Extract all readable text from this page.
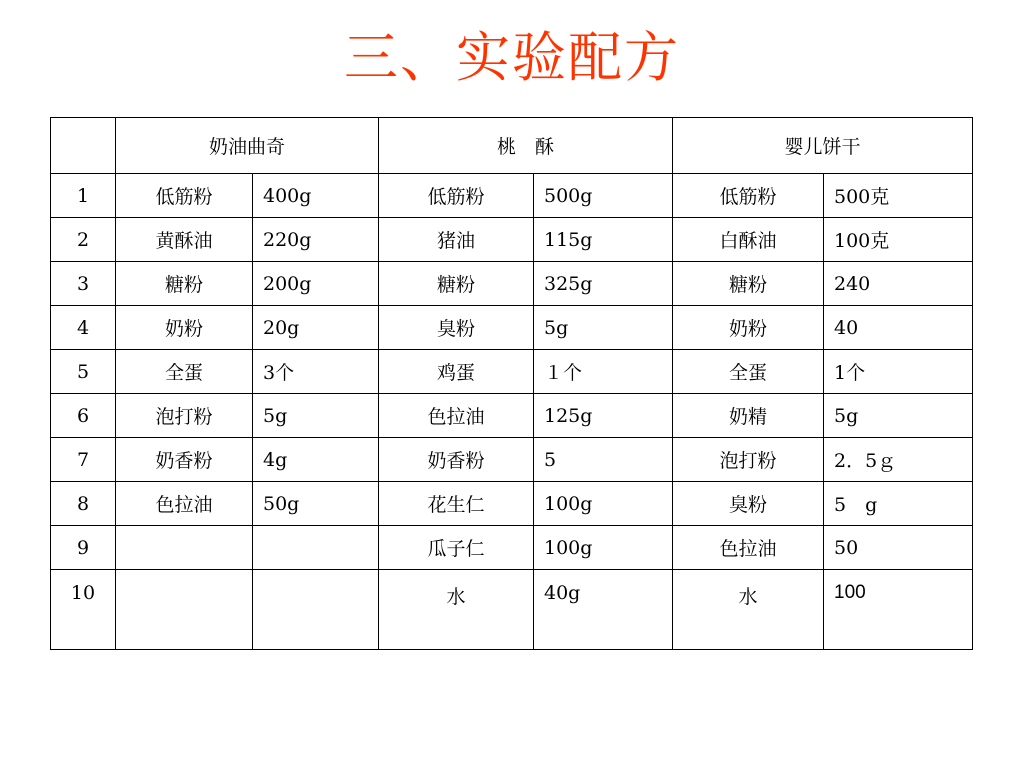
三、实验配方
	奶油曲奇		桃　酥		婴儿饼干	
1	低筋粉	400g	低筋粉	500g	低筋粉	500克
2	黄酥油	220g	猪油	115g	白酥油	100克
3	糖粉	200g	糖粉	325g	糖粉	240
4	奶粉	20g	臭粉	5g	奶粉	40
5	全蛋	3个	鸡蛋	１个	全蛋	1个
6	泡打粉	5g	色拉油	125g	奶精	5g
7	奶香粉	4g	奶香粉	5	泡打粉	2．5ｇ
8	色拉油	50g	花生仁	100g	臭粉	5　g
9			瓜子仁	100g	色拉油	50
10			水	40g	水	100
